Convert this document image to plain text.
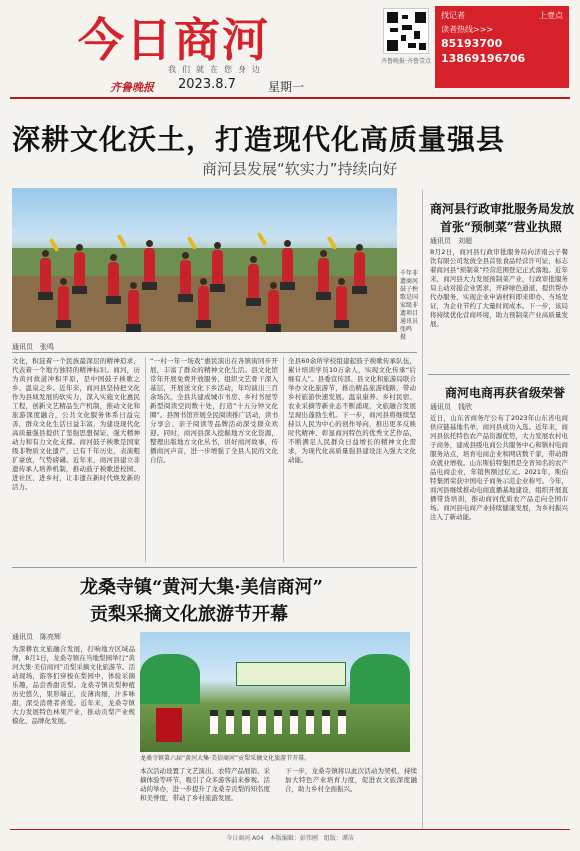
今日商河
我们就在您身边
齐鲁晚报 2023.8.7	星期一
齐鲁晚报·齐鲁壹点
找记者	上壹点
读者热线>>>
85193700
13869196706
深耕文化沃土，打造现代化高质量强县
商河县发展“软实力”持续向好
千年非遗商河鼓子秧歌是国家级非遗项目 通讯员 张鸣 摄
通讯员　张鸣
文化，积淀着一个民族最深层的精神追求，代表着一个地方独特的精神标识。商河，历为黄河故道冲积平原，是中国鼓子秧歌之乡、温泉之乡。近年来，商河县坚持把文化作为县域发展的软实力，深入实施文化惠民工程，创新文艺精品生产机制，推动文化和旅游深度融合，公共文化服务体系日益完善，群众文化生活日益丰富，为建设现代化高质量强县提供了坚强思想保证、强大精神动力和有力文化支撑。商河鼓子秧歌是国家级非物质文化遗产，已有千年历史，表演粗犷豪放，气势磅礴。近年来，商河县建立非遗传承人培养机制，推动鼓子秧歌进校园、进社区、进乡村，让非遗在新时代焕发新的活力。
“一村一年一场戏”惠民演出在各镇街同步开展，丰富了群众的精神文化生活。县文化馆常年开展免费开放服务，组织文艺骨干深入基层，开展送文化下乡活动，年均演出三百余场次。全县共建成城市书房、乡村书屋等新型阅读空间数十处，打造“十五分钟文化圈”。县图书馆开展全民阅读推广活动，读书分享会、亲子阅读等品牌活动深受群众欢迎。同时，商河县深入挖掘地方文化资源，整理出版地方文化丛书，讲好商河故事，传播商河声音，进一步增强了全县人民的文化自信。
全县60余所学校组建起鼓子秧歌传承队伍，累计培训学员10万余人，实现文化传承“后继有人”。县委宣传部、县文化和旅游局联合举办文化旅游节，推出精品旅游线路，带动乡村旅游快速发展。温泉康养、乡村民宿、农业采摘等新业态不断涌现，文旅融合发展呈现出蓬勃生机。下一步，商河县将继续坚持以人民为中心的创作导向，推出更多反映时代精神、彰显商河特色的优秀文艺作品，不断满足人民群众日益增长的精神文化需求，为现代化高质量强县建设注入强大文化动能。
商河县行政审批服务局发放
首张“预制菜”营业执照
通讯员　刘超
8月2日，商河县行政审批服务局向济南云子餐饮有限公司发放全县首张食品经营许可证，标志着商河县“预制菜”经营范围登记正式落地。近年来，商河县大力发展预制菜产业，行政审批服务局主动对接企业需求，开辟绿色通道，提供帮办代办服务，实现企业申请材料即来即办、当场发证，为企业节约了大量时间成本。下一步，该局将持续优化营商环境，助力预制菜产业高质量发展。
商河电商再获省级荣誉
通讯员　钱欣
近日，山东省商务厅公布了2023年山东省电商供应链基地名单，商河县成功入选。近年来，商河县依托特色农产品资源优势，大力发展农村电子商务，建成县级电商公共服务中心和镇村电商服务站点，培育电商企业和网店数千家，带动群众就业增收。山东斯伯特集团是全省知名的农产品电商企业，年销售额过亿元。2021年，斯伯特集团荣获中国电子商务示范企业称号。今年，商河县继续推动电商直播基地建设，组织开展直播带货培训，推动商河优质农产品走向全国市场。商河县电商产业持续健康发展，为乡村振兴注入了新动能。
龙桑寺镇“黄河大集·美信商河”
贡梨采摘文化旅游节开幕
通讯员　陈亮辉
为深耕农文旅融合发展，打响地方区域品牌，8月1日，龙桑寺镇在当地梨园举行“黄河大集·美信商河”贡梨采摘文化旅游节。活动现场，游客们穿梭在梨园中，体验采摘乐趣，品尝香甜贡梨。龙桑寺镇贡梨种植历史悠久，果形端正，皮薄肉细，汁多味甜，深受消费者喜爱。近年来，龙桑寺镇大力发展特色林果产业，推动贡梨产业规模化、品牌化发展。
龙桑寺镇第六届“黄河大集·美信商河”贡梨采摘文化旅游节开幕。
本次活动设置了文艺演出、农特产品展销、采摘体验等环节，吸引了众多游客前来参观。活动的举办，进一步提升了龙桑寺贡梨的知名度和美誉度，带动了乡村旅游发展。
下一步，龙桑寺镇将以此次活动为契机，持续加大特色产业培育力度，促进农文旅深度融合，助力乡村全面振兴。
今日商河·A04　本版编辑：彭伟刚　组版：谭洁
